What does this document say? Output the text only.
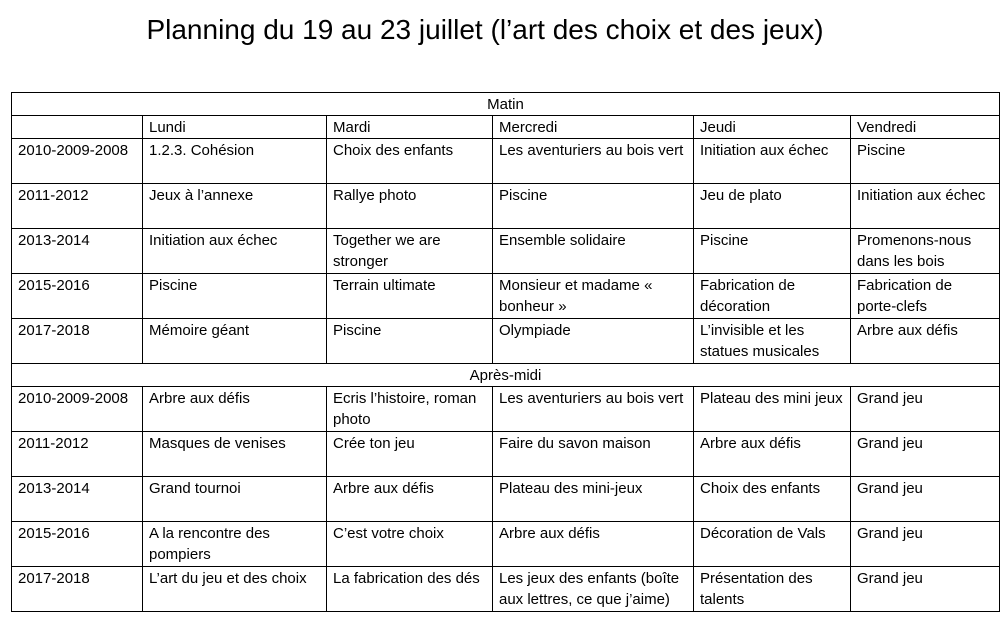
Planning du 19 au 23 juillet (l’art des choix et des jeux)
Matin					
	Lundi	Mardi	Mercredi	Jeudi	Vendredi
2010-2009-2008	1.2.3. Cohésion	Choix des enfants	Les aventuriers au bois vert	Initiation aux échec	Piscine
2011-2012	Jeux à l’annexe	Rallye photo	Piscine	Jeu de plato	Initiation aux échec
2013-2014	Initiation aux échec	Together we are stronger	Ensemble solidaire	Piscine	Promenons-nous dans les bois
2015-2016	Piscine	Terrain ultimate	Monsieur et madame « bonheur »	Fabrication de décoration	Fabrication de porte-clefs
2017-2018	Mémoire géant	Piscine	Olympiade	L’invisible et les statues musicales	Arbre aux défis
Après-midi					
2010-2009-2008	Arbre aux défis	Ecris l’histoire, roman photo	Les aventuriers au bois vert	Plateau des mini jeux	Grand jeu
2011-2012	Masques de venises	Crée ton jeu	Faire du savon maison	Arbre aux défis	Grand jeu
2013-2014	Grand tournoi	Arbre aux défis	Plateau des mini-jeux	Choix des enfants	Grand jeu
2015-2016	A la rencontre des pompiers	C’est votre choix	Arbre aux défis	Décoration de Vals	Grand jeu
2017-2018	L’art du jeu et des choix	La fabrication des dés	Les jeux des enfants (boîte aux lettres, ce que j’aime)	Présentation des talents	Grand jeu
